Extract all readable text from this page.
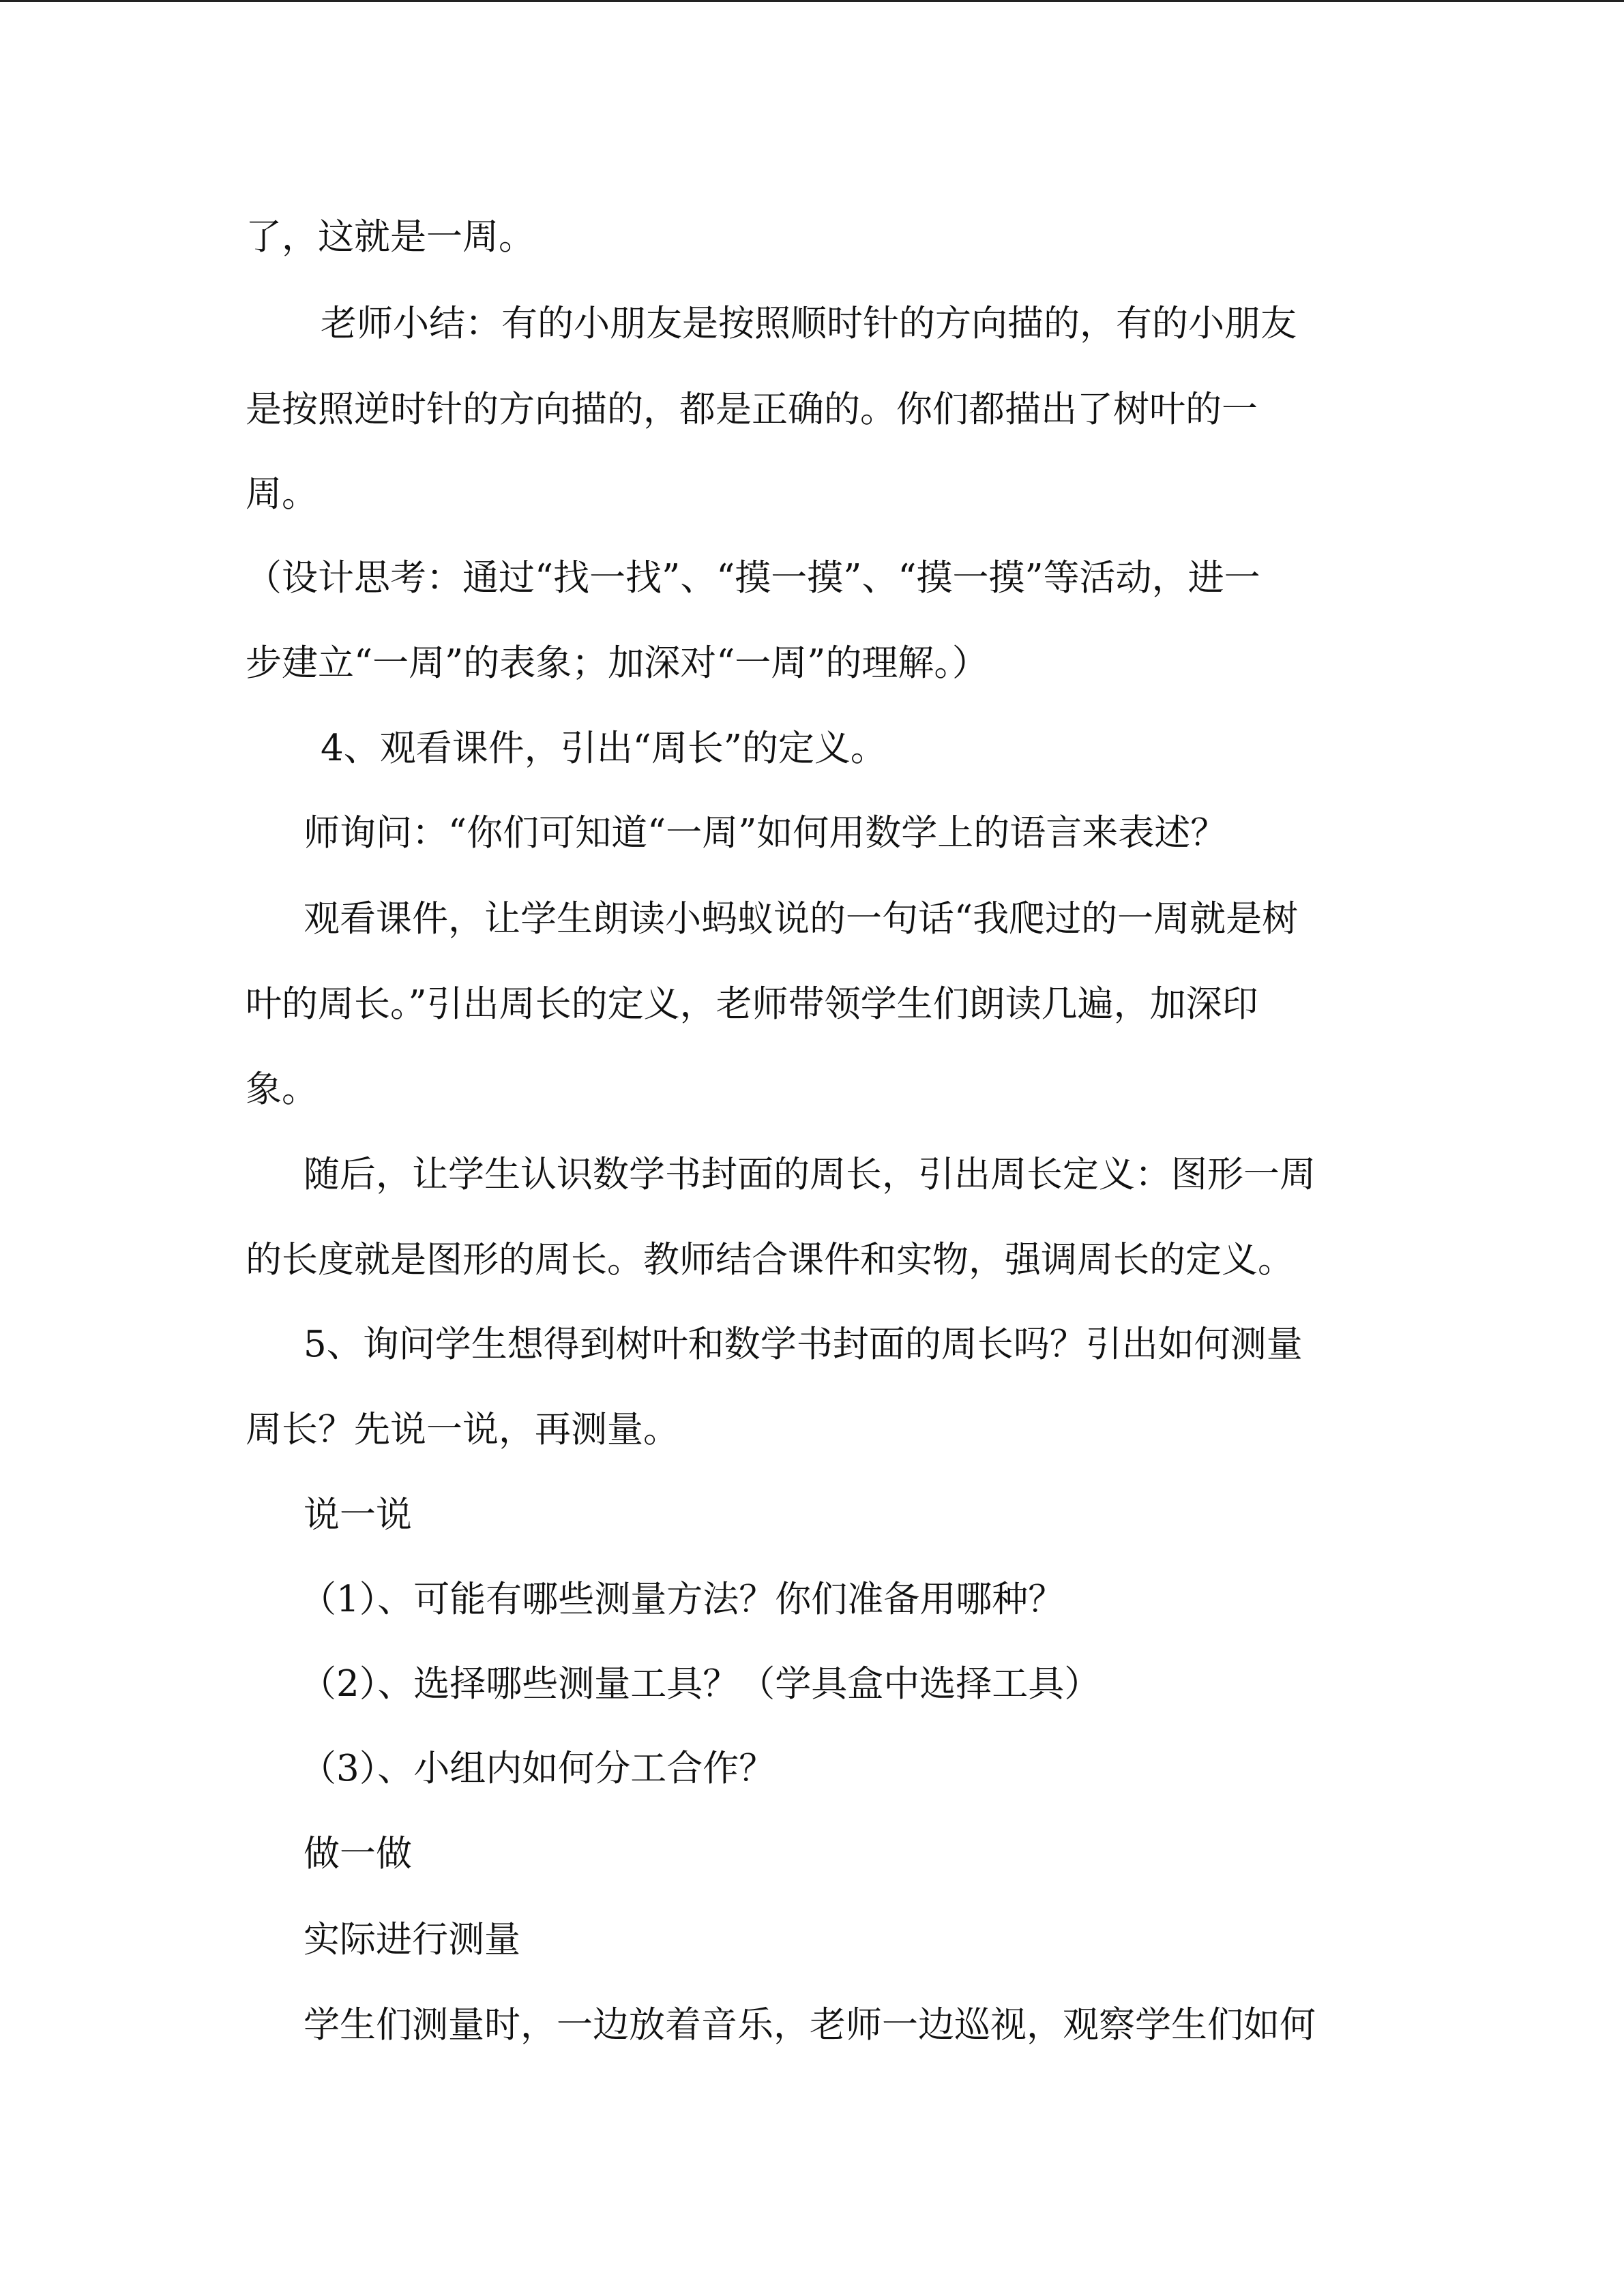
了，这就是一周。
老师小结：有的小朋友是按照顺时针的方向描的，有的小朋友
是按照逆时针的方向描的，都是正确的。你们都描出了树叶的一
周。
（设计思考：通过“找一找”、“摸一摸”、“摸一摸”等活动，进一
步建立“一周”的表象；加深对“一周”的理解。）
4、观看课件，引出“周长”的定义。
师询问：“你们可知道“一周”如何用数学上的语言来表述？
观看课件，让学生朗读小蚂蚁说的一句话“我爬过的一周就是树
叶的周长。”引出周长的定义，老师带领学生们朗读几遍，加深印
象。
随后，让学生认识数学书封面的周长，引出周长定义：图形一周
的长度就是图形的周长。教师结合课件和实物，强调周长的定义。
5、询问学生想得到树叶和数学书封面的周长吗？引出如何测量
周长？先说一说，再测量。
说一说
（1）、可能有哪些测量方法？你们准备用哪种？
（2）、选择哪些测量工具？（学具盒中选择工具）
（3）、小组内如何分工合作？
做一做
实际进行测量
学生们测量时，一边放着音乐，老师一边巡视，观察学生们如何
